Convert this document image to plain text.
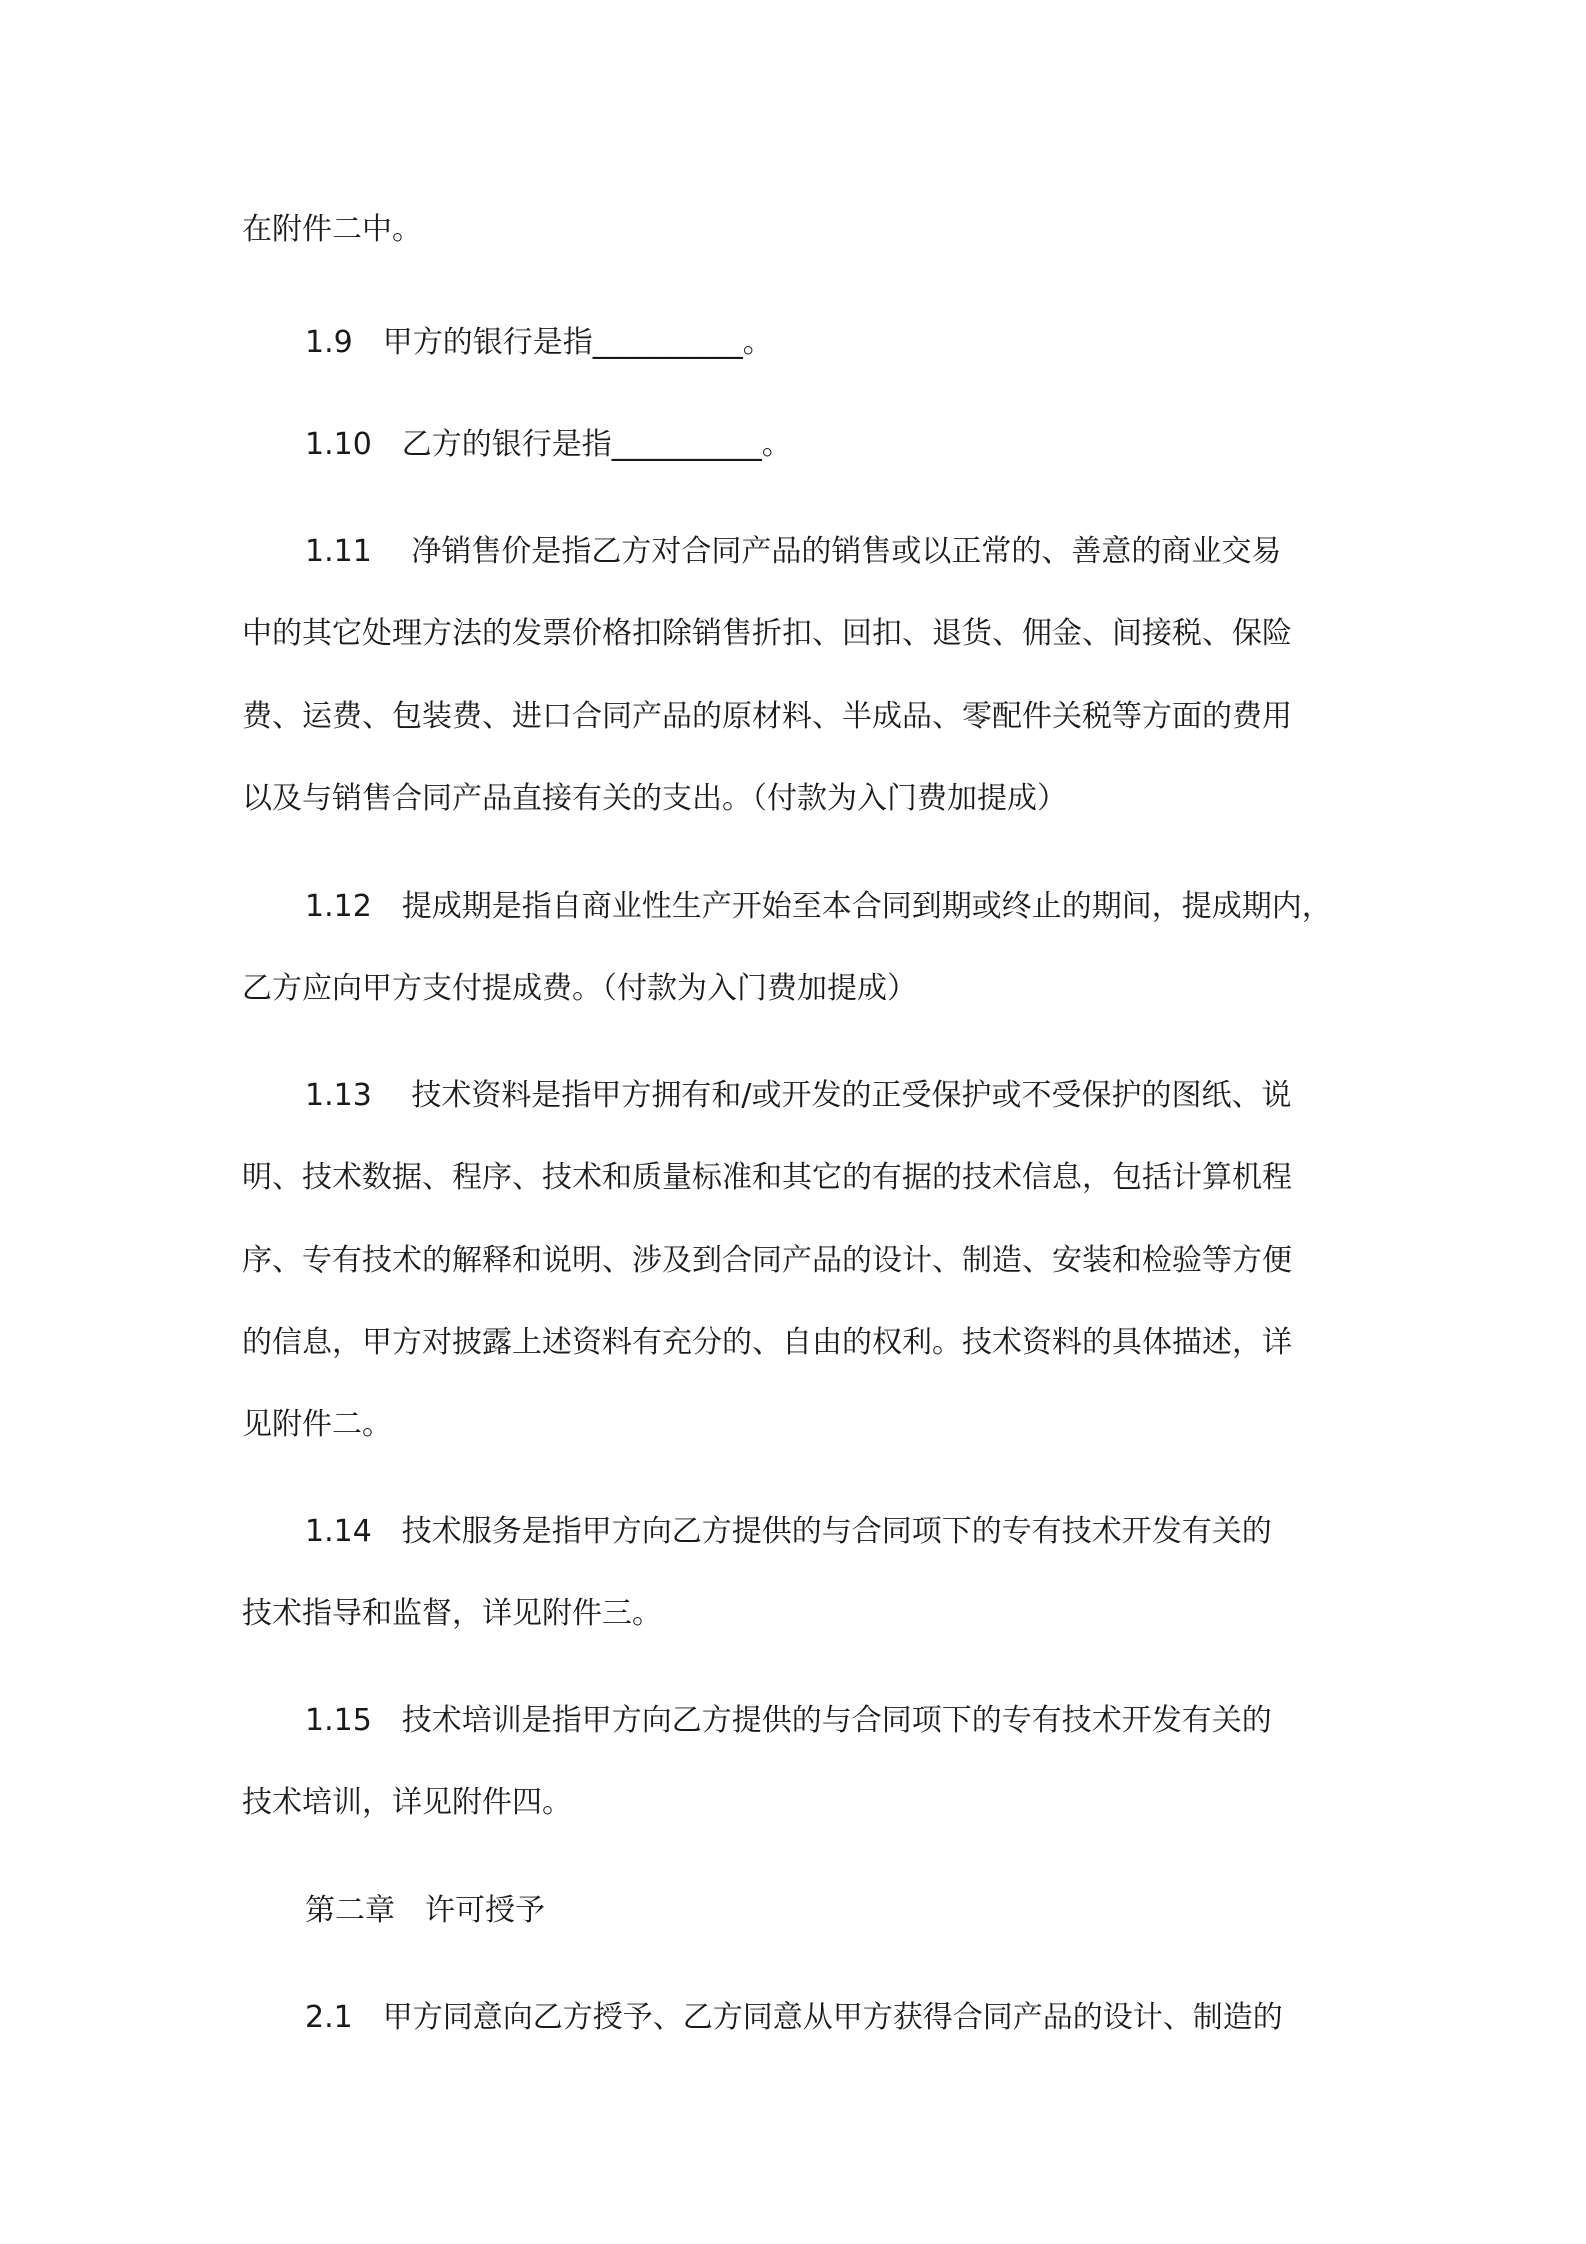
在附件二中。
1.9　甲方的银行是指__________。
1.10　乙方的银行是指__________。
1.11　 净销售价是指乙方对合同产品的销售或以正常的、善意的商业交易
中的其它处理方法的发票价格扣除销售折扣、回扣、退货、佣金、间接税、保险
费、运费、包装费、进口合同产品的原材料、半成品、零配件关税等方面的费用
以及与销售合同产品直接有关的支出。（付款为入门费加提成）
1.12　提成期是指自商业性生产开始至本合同到期或终止的期间，提成期内，
乙方应向甲方支付提成费。（付款为入门费加提成）
1.13　 技术资料是指甲方拥有和/或开发的正受保护或不受保护的图纸、说
明、技术数据、程序、技术和质量标准和其它的有据的技术信息，包括计算机程
序、专有技术的解释和说明、涉及到合同产品的设计、制造、安装和检验等方便
的信息，甲方对披露上述资料有充分的、自由的权利。技术资料的具体描述，详
见附件二。
1.14　技术服务是指甲方向乙方提供的与合同项下的专有技术开发有关的
技术指导和监督，详见附件三。
1.15　技术培训是指甲方向乙方提供的与合同项下的专有技术开发有关的
技术培训，详见附件四。
第二章　许可授予
2.1　甲方同意向乙方授予、乙方同意从甲方获得合同产品的设计、制造的
